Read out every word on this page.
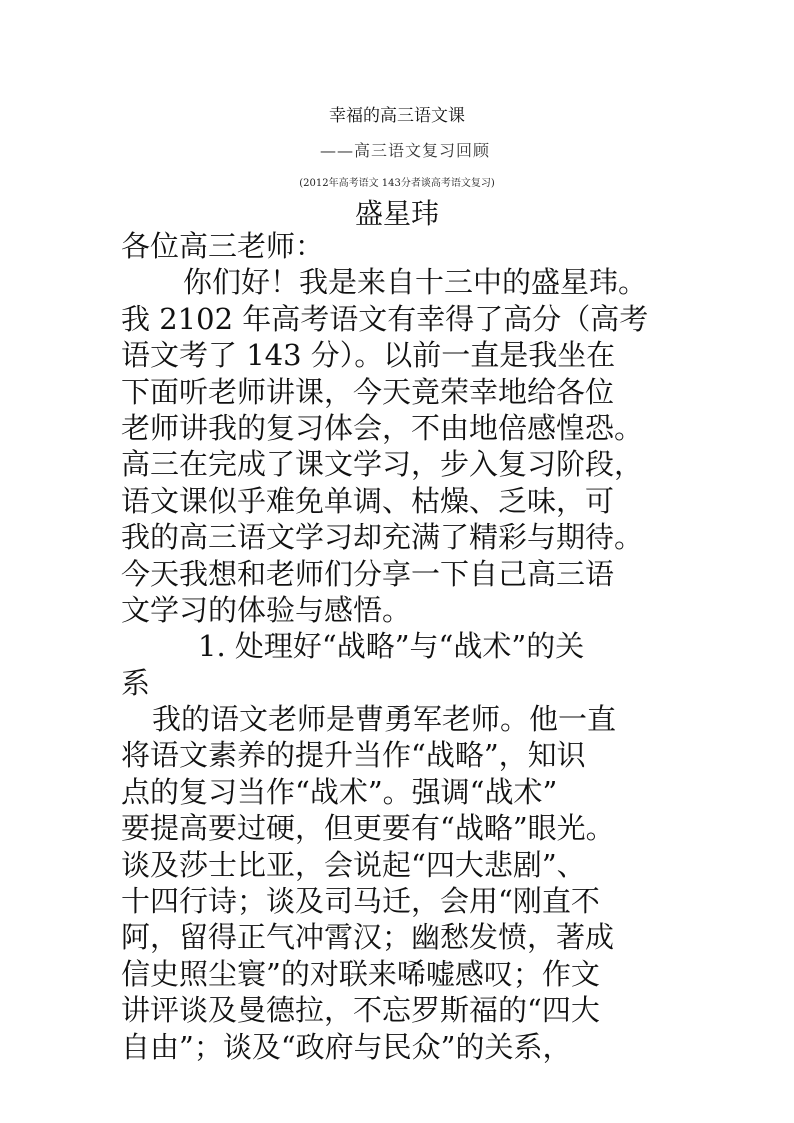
幸福的高三语文课
——高三语文复习回顾
(2012年高考语文 143分者谈高考语文复习)
盛星玮
各位高三老师：
你们好！我是来自十三中的盛星玮。
我 2102 年高考语文有幸得了高分（高考
语文考了 143 分）。以前一直是我坐在
下面听老师讲课，今天竟荣幸地给各位
老师讲我的复习体会，不由地倍感惶恐。
高三在完成了课文学习，步入复习阶段，
语文课似乎难免单调、枯燥、乏味，可
我的高三语文学习却充满了精彩与期待。
今天我想和老师们分享一下自己高三语
文学习的体验与感悟。
1. 处理好“战略”与“战术”的关
系
我的语文老师是曹勇军老师。他一直
将语文素养的提升当作“战略”，知识
点的复习当作“战术”。强调“战术”
要提高要过硬，但更要有“战略”眼光。
谈及莎士比亚，会说起“四大悲剧”、
十四行诗；谈及司马迁，会用“刚直不
阿，留得正气冲霄汉；幽愁发愤，著成
信史照尘寰”的对联来唏嘘感叹；作文
讲评谈及曼德拉，不忘罗斯福的“四大
自由”；谈及“政府与民众”的关系，
